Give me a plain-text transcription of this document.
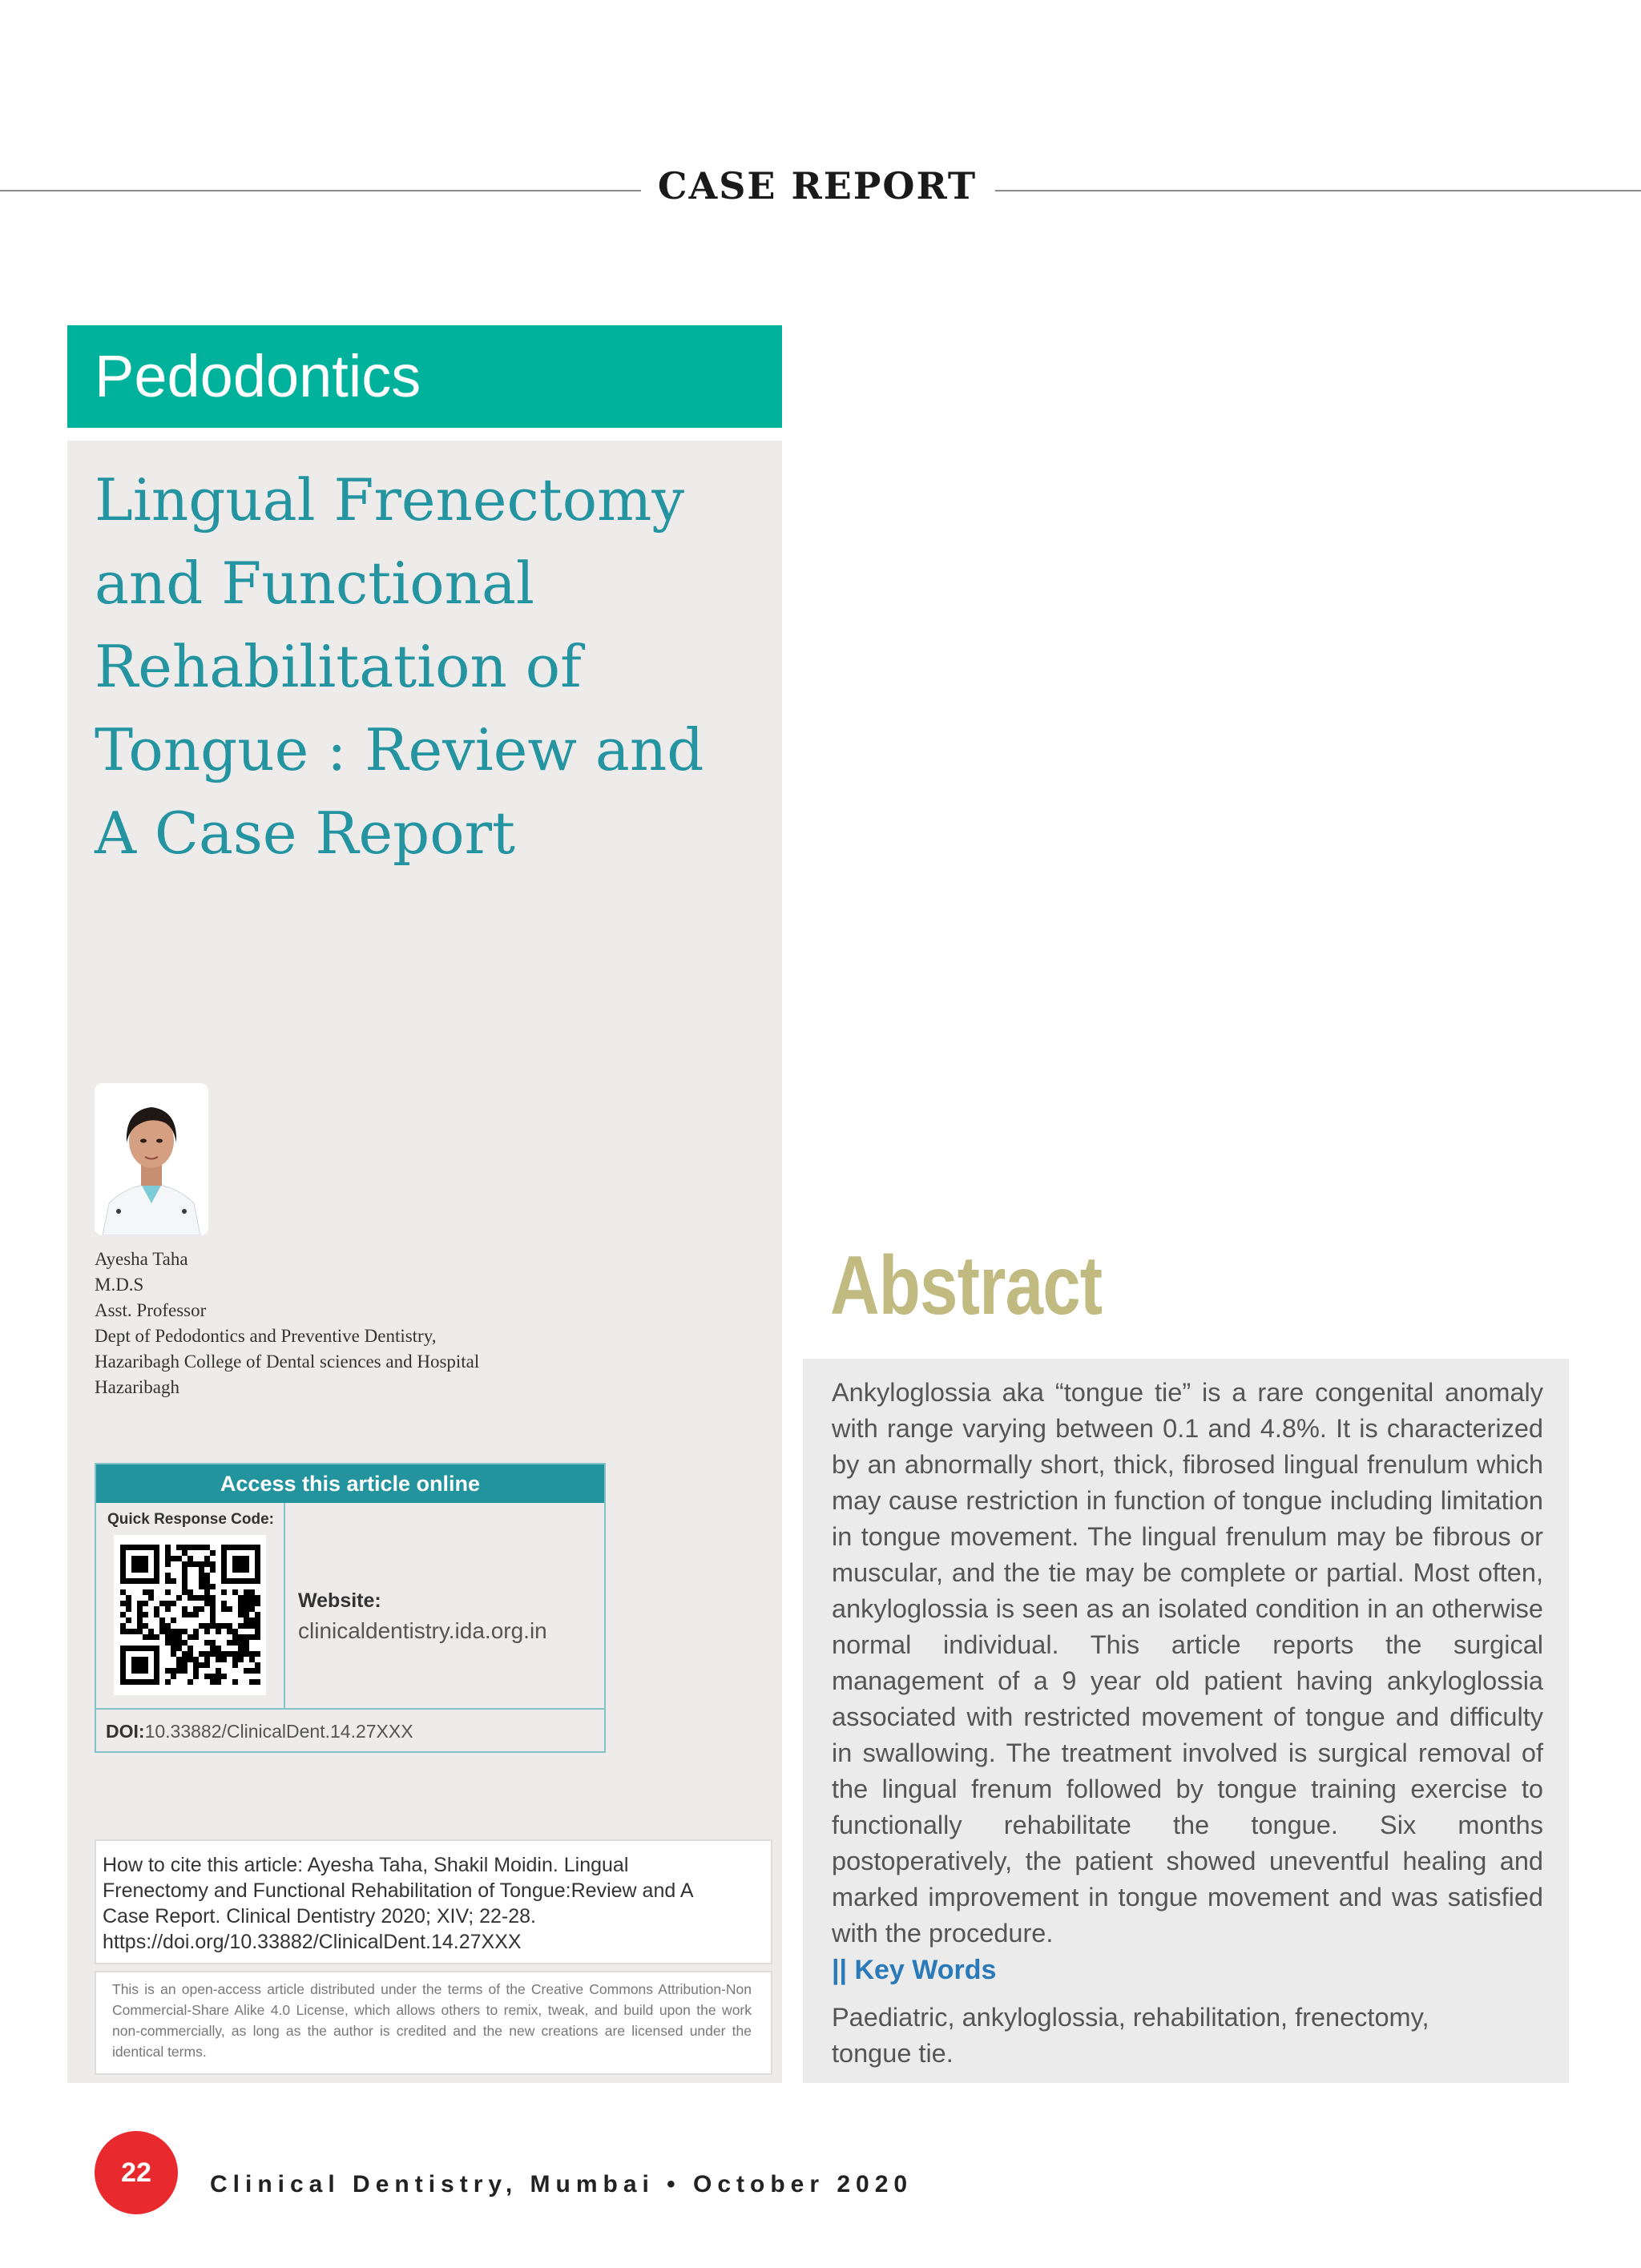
CASE REPORT
Pedodontics
Lingual Frenectomy
and Functional
Rehabilitation of
Tongue : Review and
A Case Report
Ayesha Taha
M.D.S
Asst. Professor
Dept of Pedodontics and Preventive Dentistry,
Hazaribagh College of Dental sciences and Hospital
Hazaribagh
Access this article online
Quick Response Code:
Website:
clinicaldentistry.ida.org.in
DOI:10.33882/ClinicalDent.14.27XXX
How to cite this article: Ayesha Taha, Shakil Moidin. Lingual
Frenectomy and Functional Rehabilitation of Tongue:Review and A
Case Report. Clinical Dentistry 2020; XIV; 22-28.
https://doi.org/10.33882/ClinicalDent.14.27XXX
This is an open-access article distributed under the terms of the Creative Commons Attribution-Non Commercial-Share Alike 4.0 License, which allows others to remix, tweak, and build upon the work non-commercially, as long as the author is credited and the new creations are licensed under the identical terms.
Abstract
Ankyloglossia aka “tongue tie” is a rare congenital anomaly with range varying between 0.1 and 4.8%. It is characterized by an abnormally short, thick, fibrosed lingual frenulum which may cause restriction in function of tongue including limitation in tongue movement. The lingual frenulum may be fibrous or muscular, and the tie may be complete or partial. Most often, ankyloglossia is seen as an isolated condition in an otherwise normal individual. This article reports the surgical management of a 9 year old patient having ankyloglossia associated with restricted movement of tongue and difficulty in swallowing. The treatment involved is surgical removal of the lingual frenum followed by tongue training exercise to functionally rehabilitate the tongue. Six months postoperatively, the patient showed uneventful healing and marked improvement in tongue movement and was satisfied with the procedure.
|| Key Words
Paediatric, ankyloglossia, rehabilitation, frenectomy,
tongue tie.
22	Clinical Dentistry, Mumbai • October 2020
